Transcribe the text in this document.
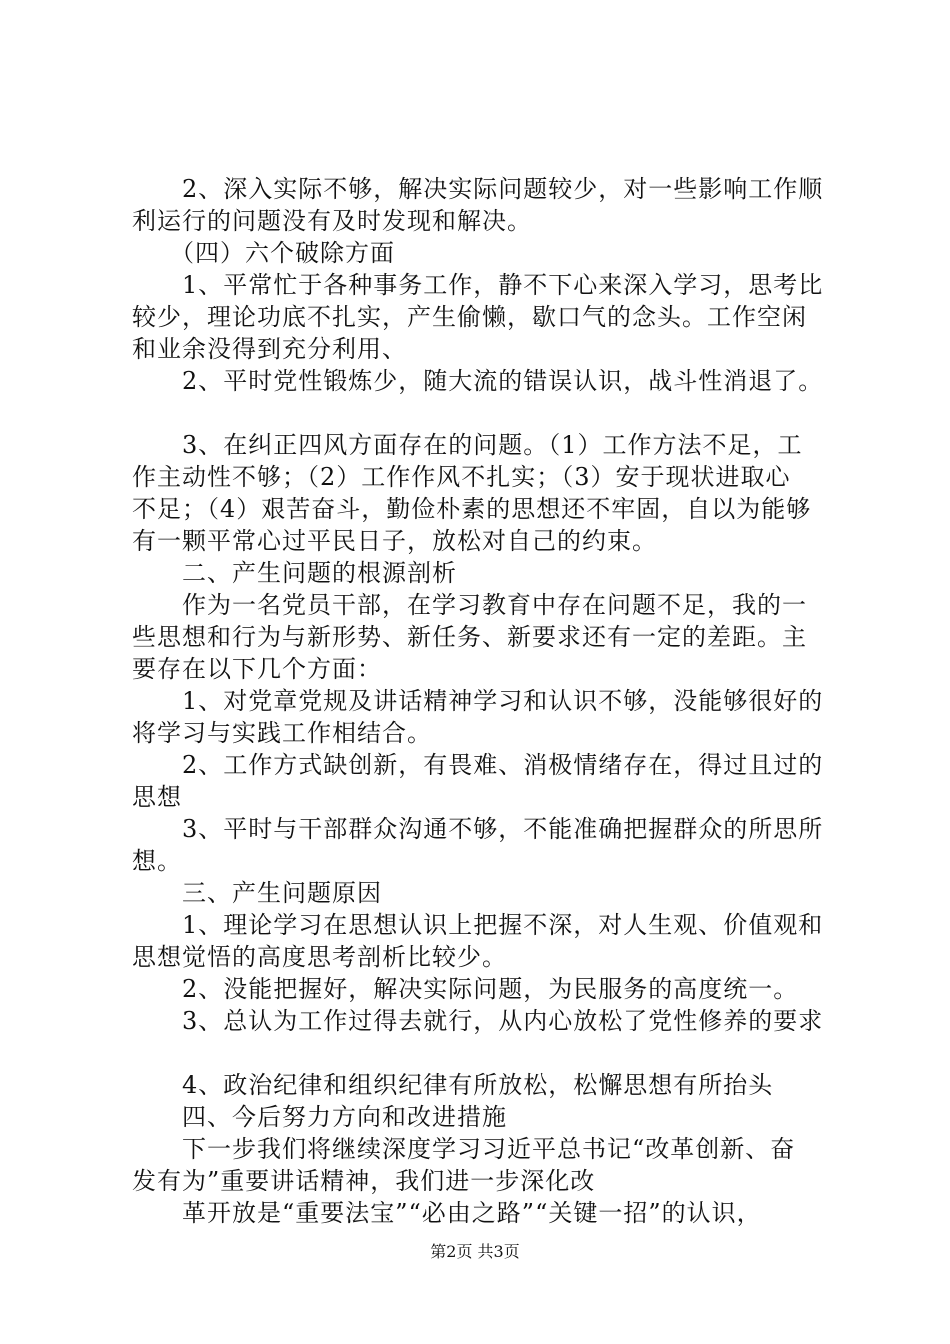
　　2、深入实际不够，解决实际问题较少，对一些影响工作顺
利运行的问题没有及时发现和解决。
　　（四）六个破除方面
　　1、平常忙于各种事务工作，静不下心来深入学习，思考比
较少，理论功底不扎实，产生偷懒，歇口气的念头。工作空闲
和业余没得到充分利用、
　　2、平时党性锻炼少，随大流的错误认识，战斗性消退了。
　　3、在纠正四风方面存在的问题。（1）工作方法不足，工
作主动性不够；（2）工作作风不扎实；（3）安于现状进取心
不足；（4）艰苦奋斗，勤俭朴素的思想还不牢固，自以为能够
有一颗平常心过平民日子，放松对自己的约束。
　　二、产生问题的根源剖析
　　作为一名党员干部，在学习教育中存在问题不足，我的一
些思想和行为与新形势、新任务、新要求还有一定的差距。主
要存在以下几个方面：
　　1、对党章党规及讲话精神学习和认识不够，没能够很好的
将学习与实践工作相结合。
　　2、工作方式缺创新，有畏难、消极情绪存在，得过且过的
思想
　　3、平时与干部群众沟通不够，不能准确把握群众的所思所
想。
　　三、产生问题原因
　　1、理论学习在思想认识上把握不深，对人生观、价值观和
思想觉悟的高度思考剖析比较少。
　　2、没能把握好，解决实际问题，为民服务的高度统一。
　　3、总认为工作过得去就行，从内心放松了党性修养的要求
　　4、政治纪律和组织纪律有所放松，松懈思想有所抬头
　　四、今后努力方向和改进措施
　　下一步我们将继续深度学习习近平总书记“改革创新、奋
发有为”重要讲话精神，我们进一步深化改
　　革开放是“重要法宝”“必由之路”“关键一招”的认识，
第2页 共3页
